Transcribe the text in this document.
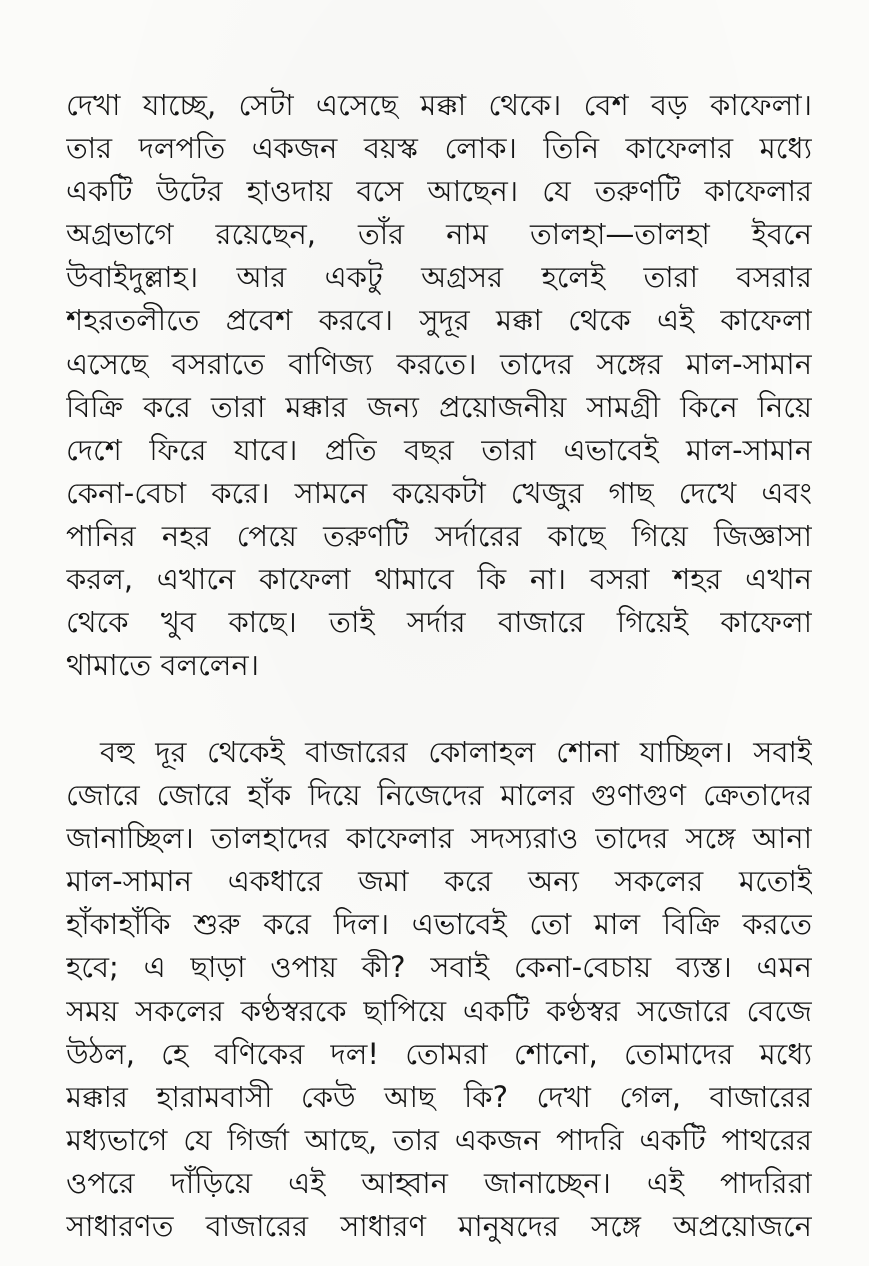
দেখা যাচ্ছে, সেটা এসেছে মক্কা থেকে। বেশ বড় কাফেলা।
তার দলপতি একজন বয়স্ক লোক। তিনি কাফেলার মধ্যে
একটি উটের হাওদায় বসে আছেন। যে তরুণটি কাফেলার
অগ্রভাগে রয়েছেন, তাঁর নাম তালহা—তালহা ইবনে
উবাইদুল্লাহ। আর একটু অগ্রসর হলেই তারা বসরার
শহরতলীতে প্রবেশ করবে। সুদূর মক্কা থেকে এই কাফেলা
এসেছে বসরাতে বাণিজ্য করতে। তাদের সঙ্গের মাল-সামান
বিক্রি করে তারা মক্কার জন্য প্রয়োজনীয় সামগ্রী কিনে নিয়ে
দেশে ফিরে যাবে। প্রতি বছর তারা এভাবেই মাল-সামান
কেনা-বেচা করে। সামনে কয়েকটা খেজুর গাছ দেখে এবং
পানির নহর পেয়ে তরুণটি সর্দারের কাছে গিয়ে জিজ্ঞাসা
করল, এখানে কাফেলা থামাবে কি না। বসরা শহর এখান
থেকে খুব কাছে। তাই সর্দার বাজারে গিয়েই কাফেলা
থামাতে বললেন।
বহু দূর থেকেই বাজারের কোলাহল শোনা যাচ্ছিল। সবাই
জোরে জোরে হাঁক দিয়ে নিজেদের মালের গুণাগুণ ক্রেতাদের
জানাচ্ছিল। তালহাদের কাফেলার সদস্যরাও তাদের সঙ্গে আনা
মাল-সামান একধারে জমা করে অন্য সকলের মতোই
হাঁকাহাঁকি শুরু করে দিল। এভাবেই তো মাল বিক্রি করতে
হবে; এ ছাড়া ওপায় কী? সবাই কেনা-বেচায় ব্যস্ত। এমন
সময় সকলের কণ্ঠস্বরকে ছাপিয়ে একটি কণ্ঠস্বর সজোরে বেজে
উঠল, হে বণিকের দল! তোমরা শোনো, তোমাদের মধ্যে
মক্কার হারামবাসী কেউ আছ কি? দেখা গেল, বাজারের
মধ্যভাগে যে গির্জা আছে, তার একজন পাদরি একটি পাথরের
ওপরে দাঁড়িয়ে এই আহ্বান জানাচ্ছেন। এই পাদরিরা
সাধারণত বাজারের সাধারণ মানুষদের সঙ্গে অপ্রয়োজনে
